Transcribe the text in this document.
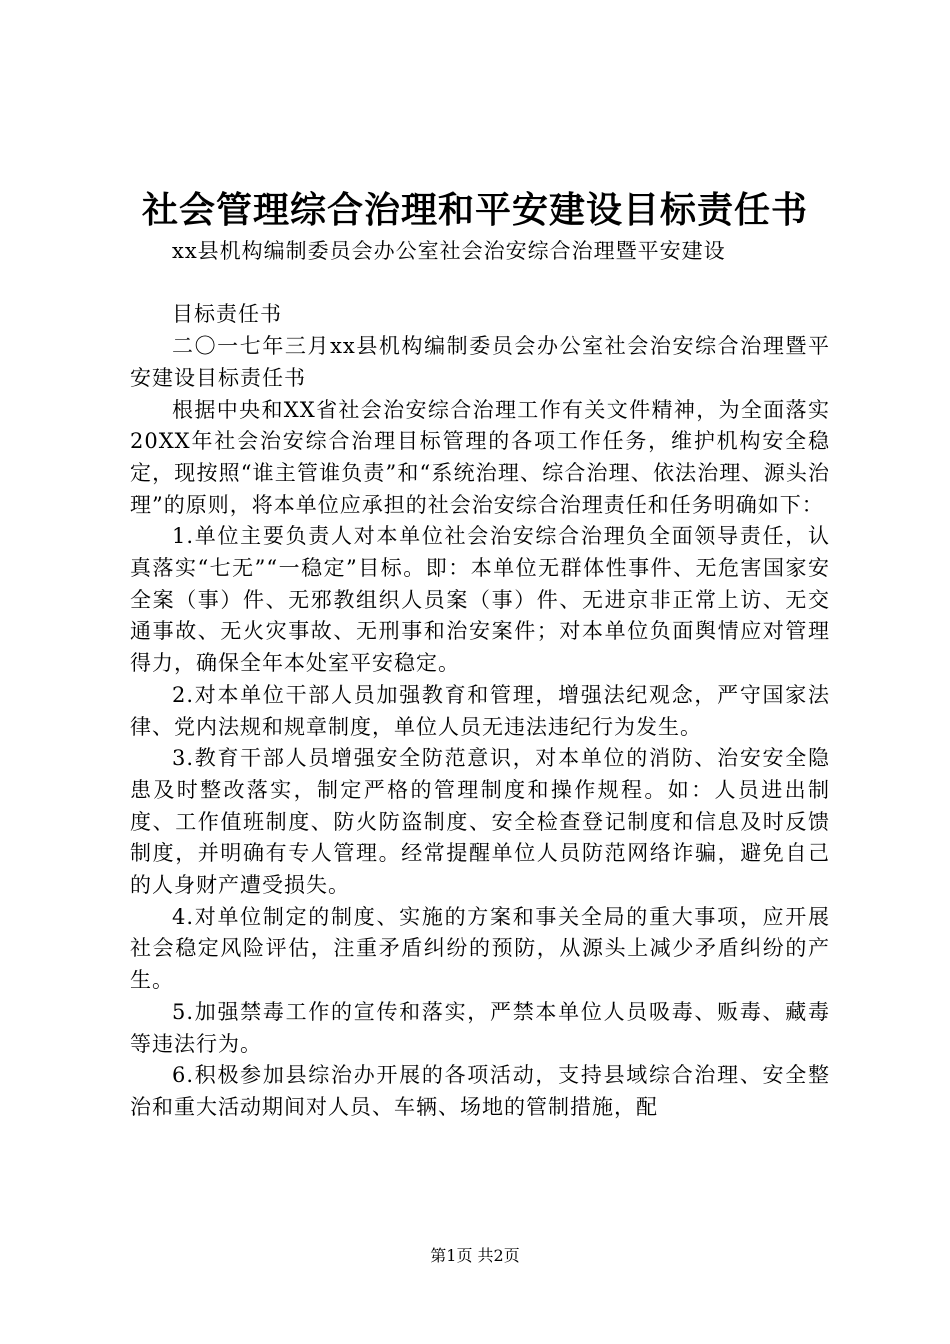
社会管理综合治理和平安建设目标责任书

xx县机构编制委员会办公室社会治安综合治理暨平安建设

目标责任书

二〇一七年三月xx县机构编制委员会办公室社会治安综合治理暨平安建设目标责任书

根据中央和XX省社会治安综合治理工作有关文件精神，为全面落实20XX年社会治安综合治理目标管理的各项工作任务，维护机构安全稳定，现按照“谁主管谁负责”和“系统治理、综合治理、依法治理、源头治理”的原则，将本单位应承担的社会治安综合治理责任和任务明确如下：

1.单位主要负责人对本单位社会治安综合治理负全面领导责任，认真落实“七无”“一稳定”目标。即：本单位无群体性事件、无危害国家安全案（事）件、无邪教组织人员案（事）件、无进京非正常上访、无交通事故、无火灾事故、无刑事和治安案件；对本单位负面舆情应对管理得力，确保全年本处室平安稳定。

2.对本单位干部人员加强教育和管理，增强法纪观念，严守国家法律、党内法规和规章制度，单位人员无违法违纪行为发生。

3.教育干部人员增强安全防范意识，对本单位的消防、治安安全隐患及时整改落实，制定严格的管理制度和操作规程。如：人员进出制度、工作值班制度、防火防盗制度、安全检查登记制度和信息及时反馈制度，并明确有专人管理。经常提醒单位人员防范网络诈骗，避免自己的人身财产遭受损失。

4.对单位制定的制度、实施的方案和事关全局的重大事项，应开展社会稳定风险评估，注重矛盾纠纷的预防，从源头上减少矛盾纠纷的产生。

5.加强禁毒工作的宣传和落实，严禁本单位人员吸毒、贩毒、藏毒等违法行为。

6.积极参加县综治办开展的各项活动，支持县域综合治理、安全整治和重大活动期间对人员、车辆、场地的管制措施，配

第1页 共2页
